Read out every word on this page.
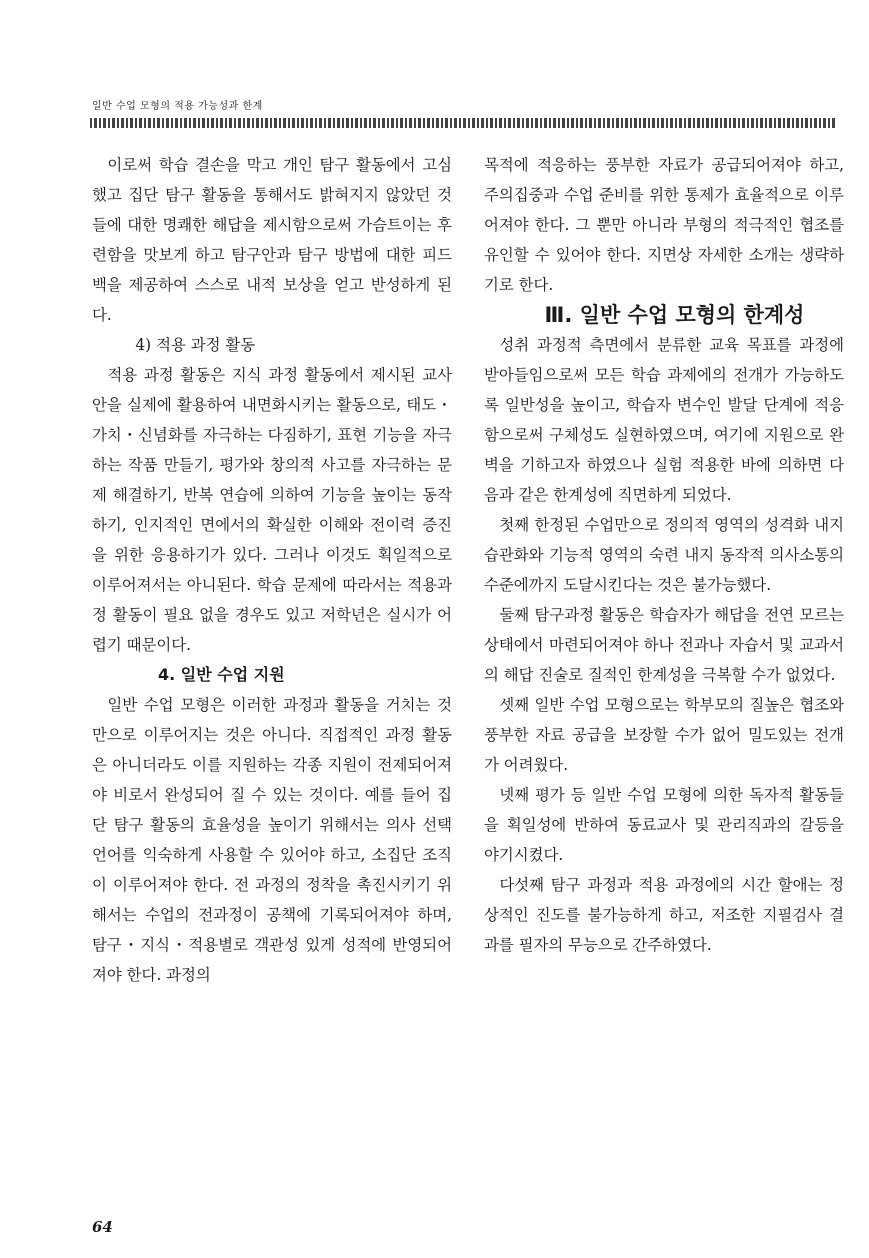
일반 수업 모형의 적용 가능성과 한계

이로써 학습 결손을 막고 개인 탐구 활동에서 고심했고 집단 탐구 활동을 통해서도 밝혀지지 않았던 것들에 대한 명쾌한 해답을 제시함으로써 가슴트이는 후련함을 맛보게 하고 탐구안과 탐구 방법에 대한 피드백을 제공하여 스스로 내적 보상을 얻고 반성하게 된다.

4) 적용 과정 활동

적용 과정 활동은 지식 과정 활동에서 제시된 교사안을 실제에 활용하여 내면화시키는 활동으로, 태도・가치・신념화를 자극하는 다짐하기, 표현 기능을 자극하는 작품 만들기, 평가와 창의적 사고를 자극하는 문제 해결하기, 반복 연습에 의하여 기능을 높이는 동작하기, 인지적인 면에서의 확실한 이해와 전이력 증진을 위한 응용하기가 있다. 그러나 이것도 획일적으로 이루어져서는 아니된다. 학습 문제에 따라서는 적용과정 활동이 필요 없을 경우도 있고 저학년은 실시가 어렵기 때문이다.

4. 일반 수업 지원

일반 수업 모형은 이러한 과정과 활동을 거치는 것만으로 이루어지는 것은 아니다. 직접적인 과정 활동은 아니더라도 이를 지원하는 각종 지원이 전제되어져야 비로서 완성되어 질 수 있는 것이다. 예를 들어 집단 탐구 활동의 효율성을 높이기 위해서는 의사 선택 언어를 익숙하게 사용할 수 있어야 하고, 소집단 조직이 이루어져야 한다. 전 과정의 정착을 촉진시키기 위해서는 수업의 전과정이 공책에 기록되어져야 하며, 탐구・지식・적용별로 객관성 있게 성적에 반영되어져야 한다. 과정의

목적에 적응하는 풍부한 자료가 공급되어져야 하고, 주의집중과 수업 준비를 위한 통제가 효율적으로 이루어져야 한다. 그 뿐만 아니라 부형의 적극적인 협조를 유인할 수 있어야 한다. 지면상 자세한 소개는 생략하기로 한다.

Ⅲ. 일반 수업 모형의 한계성

성취 과정적 측면에서 분류한 교육 목표를 과정에 받아들임으로써 모든 학습 과제에의 전개가 가능하도록 일반성을 높이고, 학습자 변수인 발달 단계에 적응함으로써 구체성도 실현하였으며, 여기에 지원으로 완벽을 기하고자 하였으나 실험 적용한 바에 의하면 다음과 같은 한계성에 직면하게 되었다.

첫째 한정된 수업만으로 정의적 영역의 성격화 내지 습관화와 기능적 영역의 숙련 내지 동작적 의사소통의 수준에까지 도달시킨다는 것은 불가능했다.

둘째 탐구과정 활동은 학습자가 해답을 전연 모르는 상태에서 마련되어져야 하나 전과나 자습서 및 교과서의 해답 진술로 질적인 한계성을 극복할 수가 없었다.

셋째 일반 수업 모형으로는 학부모의 질높은 협조와 풍부한 자료 공급을 보장할 수가 없어 밀도있는 전개가 어려웠다.

넷째 평가 등 일반 수업 모형에 의한 독자적 활동들을 획일성에 반하여 동료교사 및 관리직과의 갈등을 야기시켰다.

다섯째 탐구 과정과 적용 과정에의 시간 할애는 정상적인 진도를 불가능하게 하고, 저조한 지필검사 결과를 필자의 무능으로 간주하였다.

64
